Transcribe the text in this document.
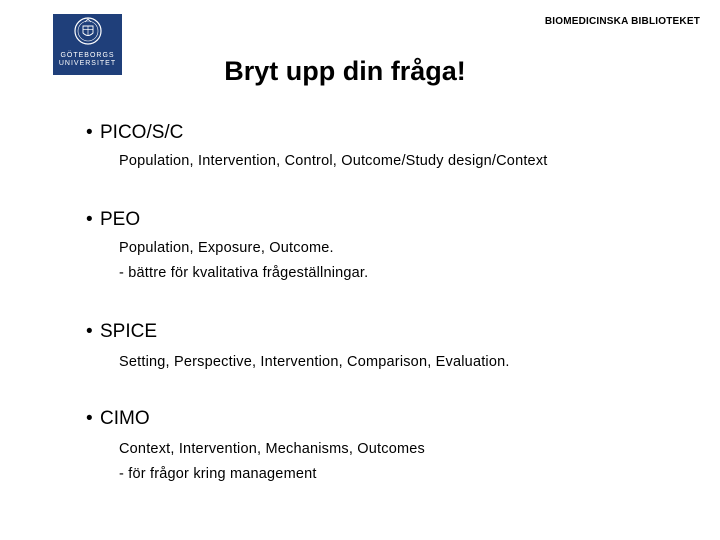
GÖTEBORGS
UNIVERSITET
BIOMEDICINSKA BIBLIOTEKET
Bryt upp din fråga!
• PICO/S/C
Population, Intervention, Control, Outcome/Study design/Context
• PEO
Population, Exposure, Outcome.
- bättre för kvalitativa frågeställningar.
• SPICE
Setting, Perspective, Intervention, Comparison, Evaluation.
• CIMO
Context, Intervention, Mechanisms, Outcomes
- för frågor kring management
